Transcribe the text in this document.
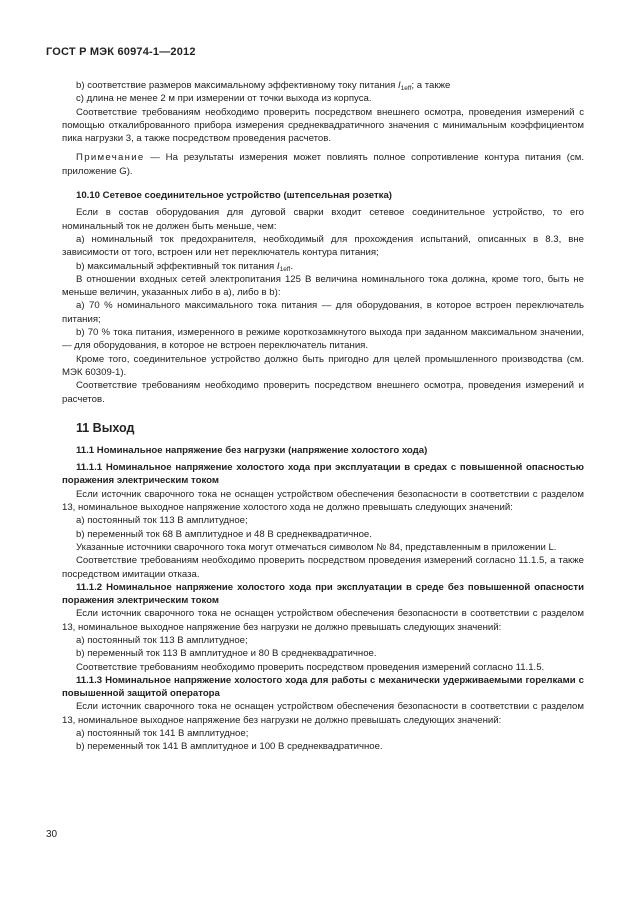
ГОСТ Р МЭК 60974-1—2012

b) соответствие размеров максимальному эффективному току питания $I_{1eff}$; а также

c) длина не менее 2 м при измерении от точки выхода из корпуса.

Соответствие требованиям необходимо проверить посредством внешнего осмотра, проведения измерений с помощью откалиброванного прибора измерения среднеквадратичного значения с минимальным коэффициентом пика нагрузки 3, а также посредством проведения расчетов.

Примечание — На результаты измерения может повлиять полное сопротивление контура питания (см. приложение G).

10.10 Сетевое соединительное устройство (штепсельная розетка)

Если в состав оборудования для дуговой сварки входит сетевое соединительное устройство, то его номинальный ток не должен быть меньше, чем:

a) номинальный ток предохранителя, необходимый для прохождения испытаний, описанных в 8.3, вне зависимости от того, встроен или нет переключатель контура питания;

b) максимальный эффективный ток питания $I_{1eff}$.

В отношении входных сетей электропитания 125 В величина номинального тока должна, кроме того, быть не меньше величин, указанных либо в a), либо в b):

a) 70 % номинального максимального тока питания — для оборудования, в которое встроен переключатель питания;

b) 70 % тока питания, измеренного в режиме короткозамкнутого выхода при заданном максимальном значении, — для оборудования, в которое не встроен переключатель питания.

Кроме того, соединительное устройство должно быть пригодно для целей промышленного производства (см. МЭК 60309-1).

Соответствие требованиям необходимо проверить посредством внешнего осмотра, проведения измерений и расчетов.

11 Выход

11.1 Номинальное напряжение без нагрузки (напряжение холостого хода)

11.1.1 Номинальное напряжение холостого хода при эксплуатации в средах с повышенной опасностью поражения электрическим током

Если источник сварочного тока не оснащен устройством обеспечения безопасности в соответствии с разделом 13, номинальное выходное напряжение холостого хода не должно превышать следующих значений:

a) постоянный ток 113 В амплитудное;

b) переменный ток 68 В амплитудное и 48 В среднеквадратичное.

Указанные источники сварочного тока могут отмечаться символом № 84, представленным в приложении L.

Соответствие требованиям необходимо проверить посредством проведения измерений согласно 11.1.5, а также посредством имитации отказа.

11.1.2 Номинальное напряжение холостого хода при эксплуатации в среде без повышенной опасности поражения электрическим током

Если источник сварочного тока не оснащен устройством обеспечения безопасности в соответствии с разделом 13, номинальное выходное напряжение без нагрузки не должно превышать следующих значений:

a) постоянный ток 113 В амплитудное;

b) переменный ток 113 В амплитудное и 80 В среднеквадратичное.

Соответствие требованиям необходимо проверить посредством проведения измерений согласно 11.1.5.

11.1.3 Номинальное напряжение холостого хода для работы с механически удерживаемыми горелками с повышенной защитой оператора

Если источник сварочного тока не оснащен устройством обеспечения безопасности в соответствии с разделом 13, номинальное выходное напряжение без нагрузки не должно превышать следующих значений:

a) постоянный ток 141 В амплитудное;

b) переменный ток 141 В амплитудное и 100 В среднеквадратичное.

30
